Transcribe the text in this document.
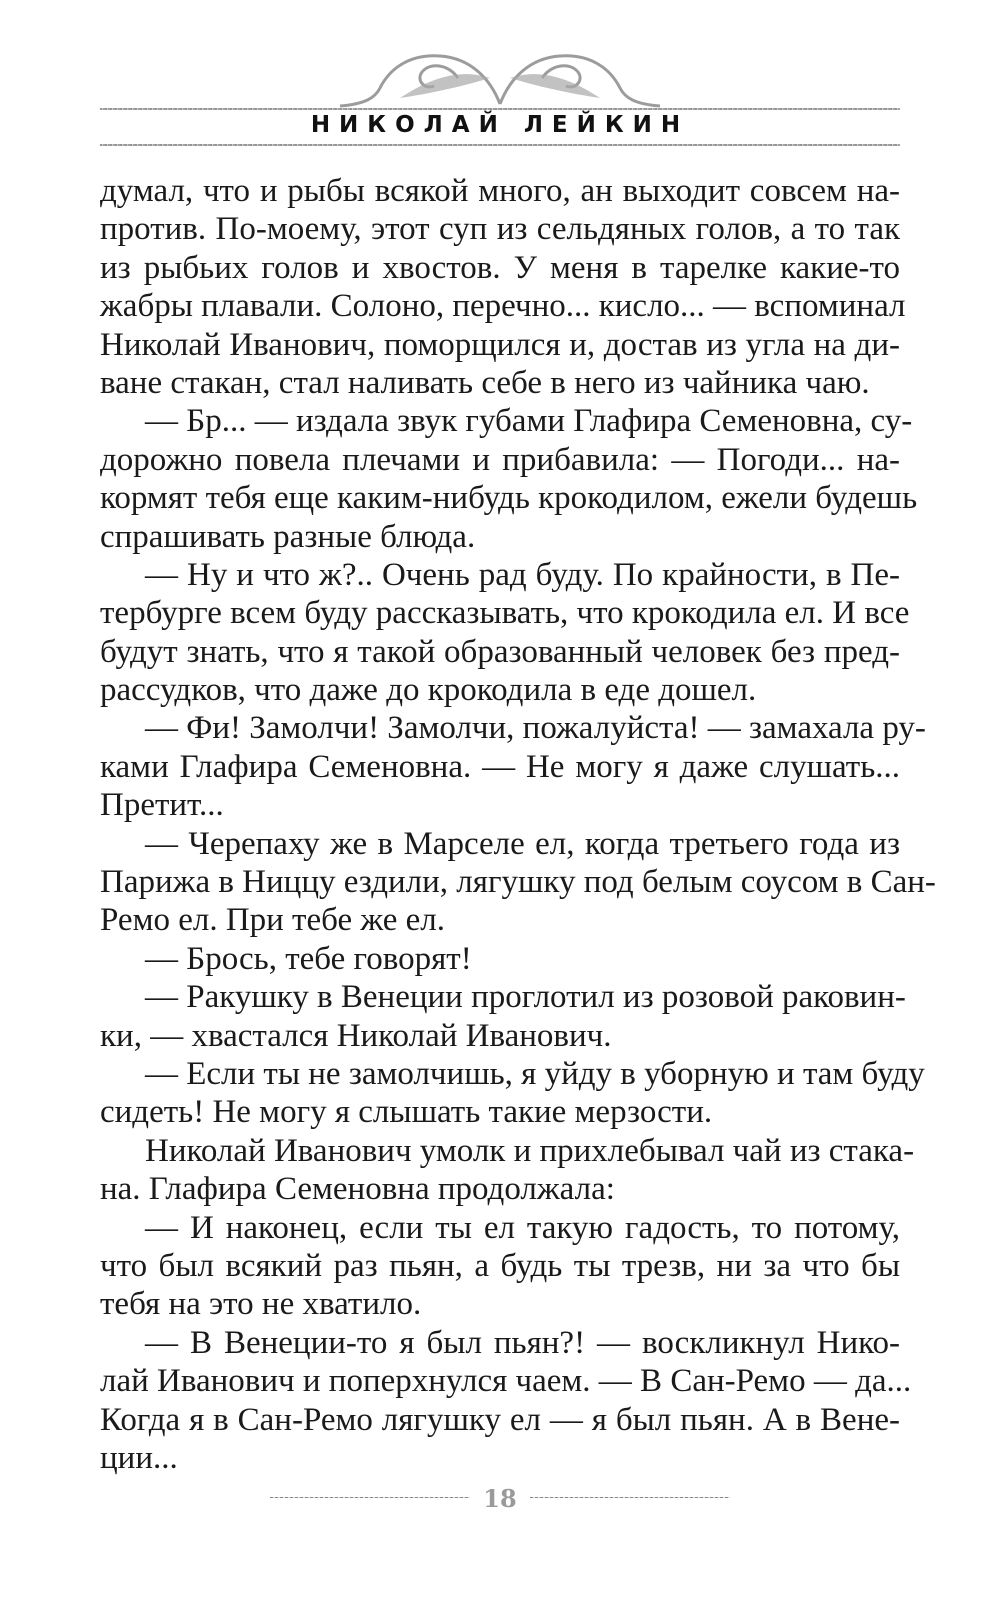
НИКОЛАЙ ЛЕЙКИН
думал, что и рыбы всякой много, ан выходит совсем на-
против. По-моему, этот суп из сельдяных голов, а то так
из рыбьих голов и хвостов. У меня в тарелке какие-то
жабры плавали. Солоно, перечно... кисло... — вспоминал
Николай Иванович, поморщился и, достав из угла на ди-
ване стакан, стал наливать себе в него из чайника чаю.
— Бр... — издала звук губами Глафира Семеновна, су-
дорожно повела плечами и прибавила: — Погоди... на-
кормят тебя еще каким-нибудь крокодилом, ежели будешь
спрашивать разные блюда.
— Ну и что ж?.. Очень рад буду. По крайности, в Пе-
тербурге всем буду рассказывать, что крокодила ел. И все
будут знать, что я такой образованный человек без пред-
рассудков, что даже до крокодила в еде дошел.
— Фи! Замолчи! Замолчи, пожалуйста! — замахала ру-
ками Глафира Семеновна. — Не могу я даже слушать...
Претит...
— Черепаху же в Марселе ел, когда третьего года из
Парижа в Ниццу ездили, лягушку под белым соусом в Сан-
Ремо ел. При тебе же ел.
— Брось, тебе говорят!
— Ракушку в Венеции проглотил из розовой раковин-
ки, — хвастался Николай Иванович.
— Если ты не замолчишь, я уйду в уборную и там буду
сидеть! Не могу я слышать такие мерзости.
Николай Иванович умолк и прихлебывал чай из стака-
на. Глафира Семеновна продолжала:
— И наконец, если ты ел такую гадость, то потому,
что был всякий раз пьян, а будь ты трезв, ни за что бы
тебя на это не хватило.
— В Венеции-то я был пьян?! — воскликнул Нико-
лай Иванович и поперхнулся чаем. — В Сан-Ремо — да...
Когда я в Сан-Ремо лягушку ел — я был пьян. А в Вене-
ции...
18
